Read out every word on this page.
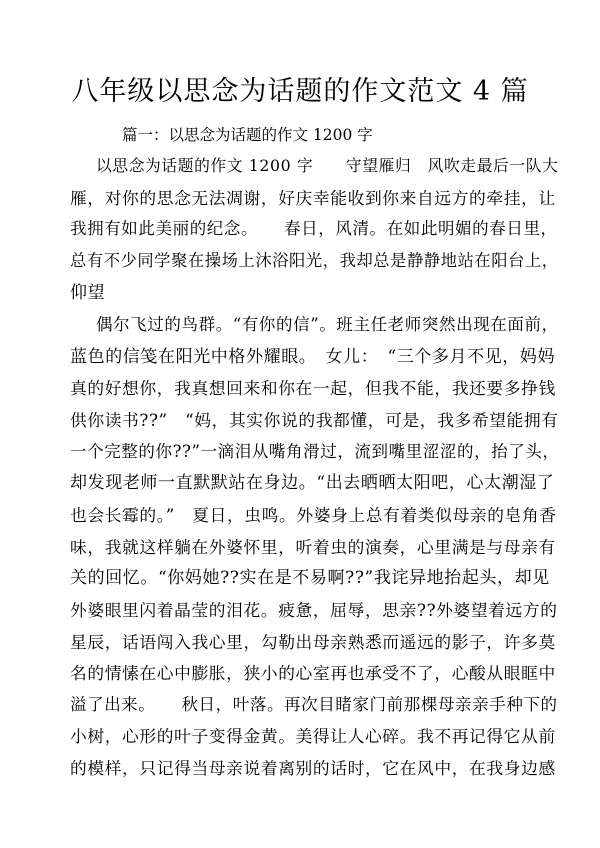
八年级以思念为话题的作文范文 4 篇
篇一：以思念为话题的作文 1200 字
以思念为话题的作文 1200 字　　守望雁归　风吹走最后一队大
雁，对你的思念无法凋谢，好庆幸能收到你来自远方的牵挂，让
我拥有如此美丽的纪念。　　春日，风清。在如此明媚的春日里，
总有不少同学聚在操场上沐浴阳光，我却总是静静地站在阳台上，
仰望
偶尔飞过的鸟群。“有你的信”。班主任老师突然出现在面前，
蓝色的信笺在阳光中格外耀眼。　女儿：　“三个多月不见，妈妈
真的好想你，我真想回来和你在一起，但我不能，我还要多挣钱
供你读书??”　“妈，其实你说的我都懂，可是，我多希望能拥有
一个完整的你??”一滴泪从嘴角滑过，流到嘴里涩涩的，抬了头，
却发现老师一直默默站在身边。“出去晒晒太阳吧，心太潮湿了
也会长霉的。”　夏日，虫鸣。外婆身上总有着类似母亲的皂角香
味，我就这样躺在外婆怀里，听着虫的演奏，心里满是与母亲有
关的回忆。“你妈她??实在是不易啊??”我诧异地抬起头，却见
外婆眼里闪着晶莹的泪花。疲惫，屈辱，思亲??外婆望着远方的
星辰，话语闯入我心里，勾勒出母亲熟悉而遥远的影子，许多莫
名的情愫在心中膨胀，狭小的心室再也承受不了，心酸从眼眶中
溢了出来。　　秋日，叶落。再次目睹家门前那棵母亲亲手种下的
小树，心形的叶子变得金黄。美得让人心碎。我不再记得它从前
的模样，只记得当母亲说着离别的话时，它在风中，在我身边感
